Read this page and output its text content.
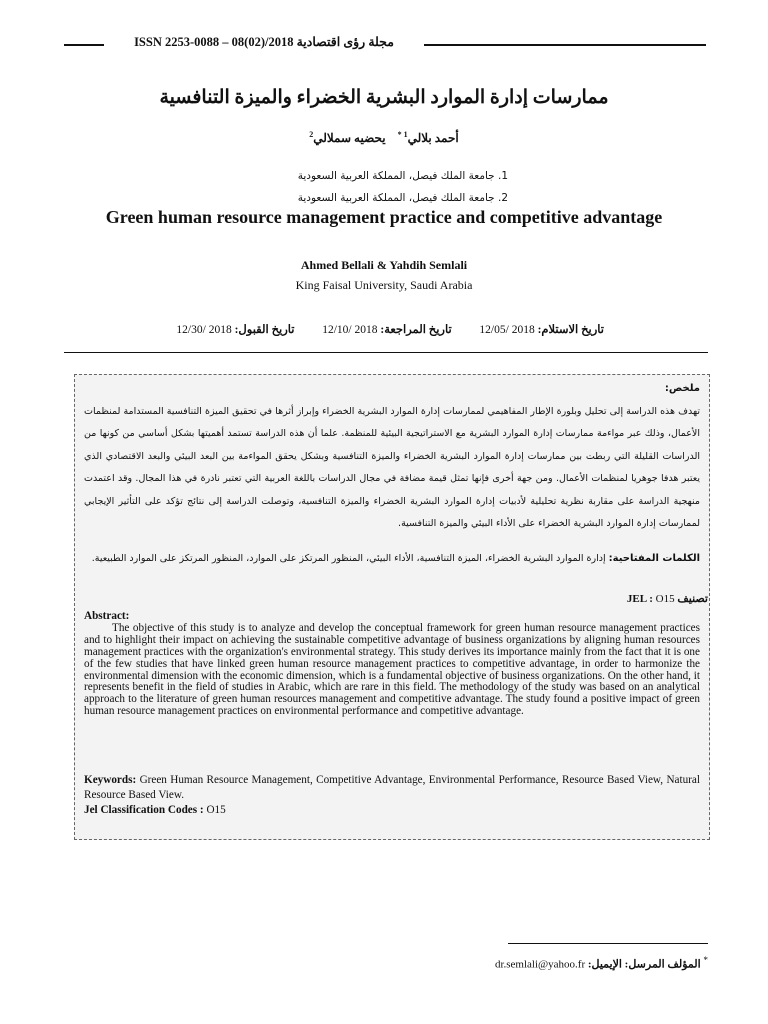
مجلة رؤى اقتصادية 2018/(02)08 – ISSN 2253-0088
ممارسات إدارة الموارد البشرية الخضراء والميزة التنافسية
أحمد بلالي$^{1 *}$    يحضيه سملالي$^2$
1. جامعة الملك فيصل، المملكة العربية السعودية
2. جامعة الملك فيصل، المملكة العربية السعودية
Green human resource management practice and competitive advantage
Ahmed Bellali & Yahdih Semlali
King Faisal University, Saudi Arabia
تاريخ الاستلام: 2018 /12/05  تاريخ المراجعة: 2018 /12/10  تاريخ القبول: 2018 /12/30
ملخص:
تهدف هذه الدراسة إلى تحليل وبلورة الإطار المفاهيمي لممارسات إدارة الموارد البشرية الخضراء وإبراز أثرها في تحقيق الميزة التنافسية المستدامة لمنظمات الأعمال، وذلك عبر مواءمة ممارسات إدارة الموارد البشرية مع الاستراتيجية البيئية للمنظمة. علما أن هذه الدراسة تستمد أهميتها بشكل أساسي من كونها من الدراسات القليلة التي ربطت بين ممارسات إدارة الموارد البشرية الخضراء والميزة التنافسية وبشكل يحقق المواءمة بين البعد البيئي والبعد الاقتصادي الذي يعتبر هدفا جوهريا لمنظمات الأعمال. ومن جهة أخرى فإنها تمثل قيمة مضافة في مجال الدراسات باللغة العربية التي تعتبر نادرة في هذا المجال. وقد اعتمدت منهجية الدراسة على مقاربة نظرية تحليلية لأدبيات إدارة الموارد البشرية الخضراء والميزة التنافسية، وتوصلت الدراسة إلى نتائج تؤكد على التأثير الإيجابي لممارسات إدارة الموارد البشرية الخضراء على الأداء البيئي والميزة التنافسية.
الكلمات المفتاحية: إدارة الموارد البشرية الخضراء، الميزة التنافسية، الأداء البيئي، المنظور المرتكز على الموارد، المنظور المرتكز على الموارد الطبيعية.
تصنيف JEL : O15
Abstract:

The objective of this study is to analyze and develop the conceptual framework for green human resource management practices and to highlight their impact on achieving the sustainable competitive advantage of business organizations by aligning human resources management practices with the organization's environmental strategy. This study derives its importance mainly from the fact that it is one of the few studies that have linked green human resource management practices to competitive advantage, in order to harmonize the environmental dimension with the economic dimension, which is a fundamental objective of business organizations. On the other hand, it represents benefit in the field of studies in Arabic, which are rare in this field. The methodology of the study was based on an analytical approach to the literature of green human resources management and competitive advantage. The study found a positive impact of green human resource management practices on environmental performance and competitive advantage.

Keywords: Green Human Resource Management, Competitive Advantage, Environmental Performance, Resource Based View, Natural Resource Based View.
Jel Classification Codes : O15
* المؤلف المرسل: الإيميل: dr.semlali@yahoo.fr
